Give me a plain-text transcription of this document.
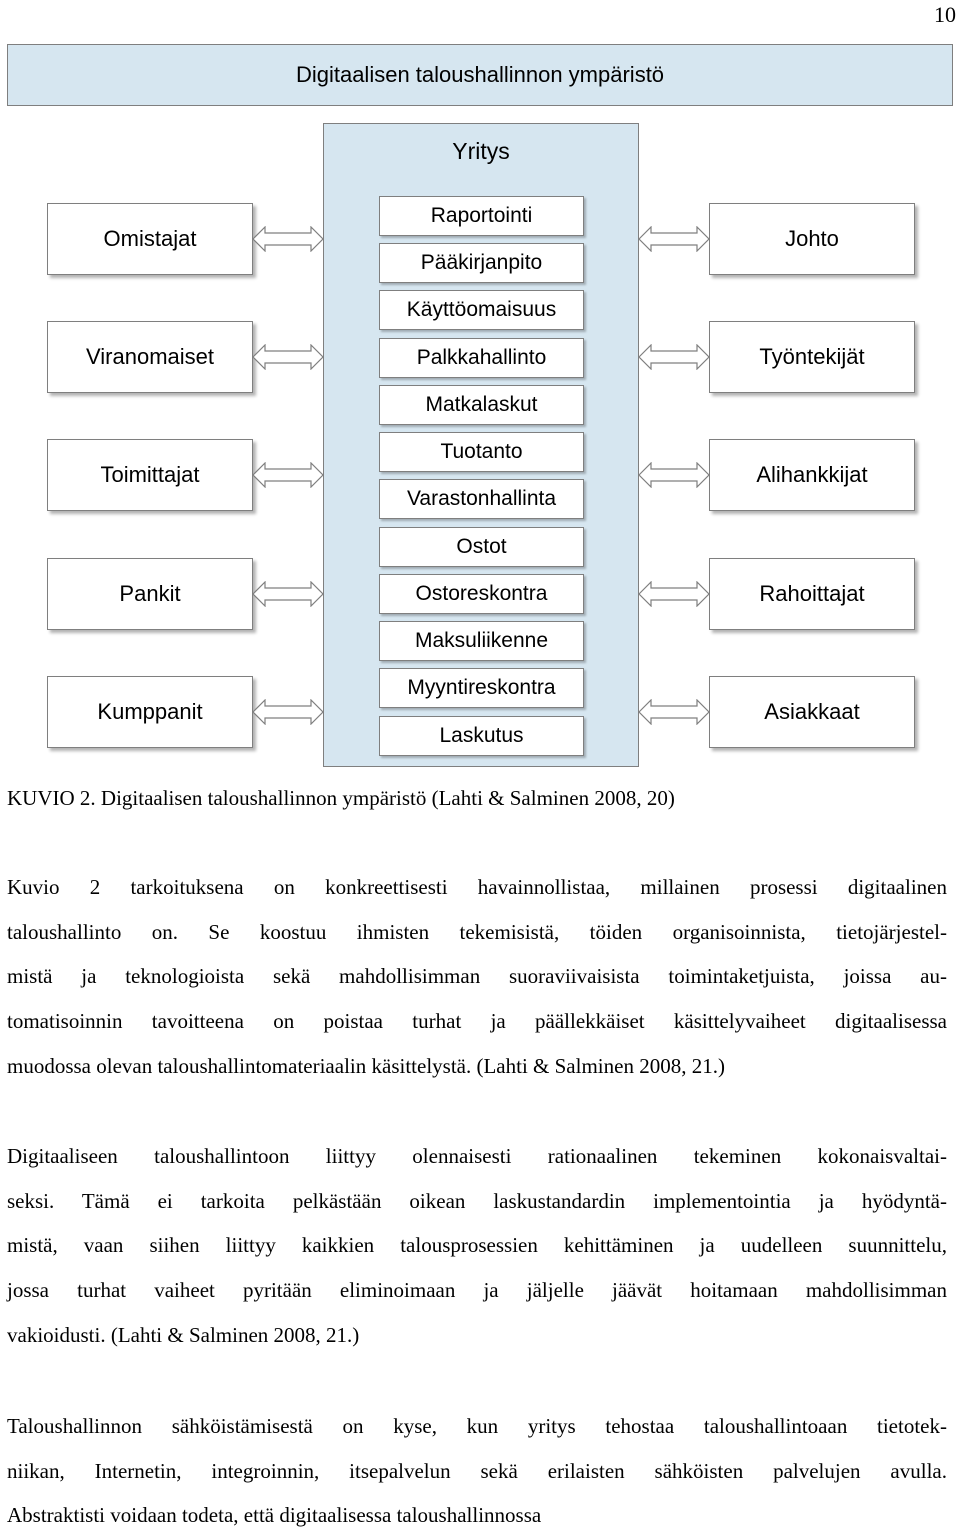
10
Digitaalisen taloushallinnon ympäristö
Yritys
Raportointi
Pääkirjanpito
Käyttöomaisuus
Palkkahallinto
Matkalaskut
Tuotanto
Varastonhallinta
Ostot
Ostoreskontra
Maksuliikenne
Myyntireskontra
Laskutus
Omistajat
Viranomaiset
Toimittajat
Pankit
Kumppanit
Johto
Työntekijät
Alihankkijat
Rahoittajat
Asiakkaat
KUVIO 2. Digitaalisen taloushallinnon ympäristö (Lahti & Salminen 2008, 20)
Kuvio 2 tarkoituksena on konkreettisesti havainnollistaa, millainen prosessi digitaalinen
taloushallinto on. Se koostuu ihmisten tekemisistä, töiden organisoinnista, tietojärjestel-
mistä ja teknologioista sekä mahdollisimman suoraviivaisista toimintaketjuista, joissa au-
tomatisoinnin tavoitteena on poistaa turhat ja päällekkäiset käsittelyvaiheet digitaalisessa
muodossa olevan taloushallintomateriaalin käsittelystä. (Lahti & Salminen 2008, 21.)
Digitaaliseen taloushallintoon liittyy olennaisesti rationaalinen tekeminen kokonaisvaltai-
seksi. Tämä ei tarkoita pelkästään oikean laskustandardin implementointia ja hyödyntä-
mistä, vaan siihen liittyy kaikkien talousprosessien kehittäminen ja uudelleen suunnittelu,
jossa turhat vaiheet pyritään eliminoimaan ja jäljelle jäävät hoitamaan mahdollisimman
vakioidusti. (Lahti & Salminen 2008, 21.)
Taloushallinnon sähköistämisestä on kyse, kun yritys tehostaa taloushallintoaan tietotek-
niikan, Internetin, integroinnin, itsepalvelun sekä erilaisten sähköisten palvelujen avulla.
Abstraktisti voidaan todeta, että digitaalisessa taloushallinnossa
